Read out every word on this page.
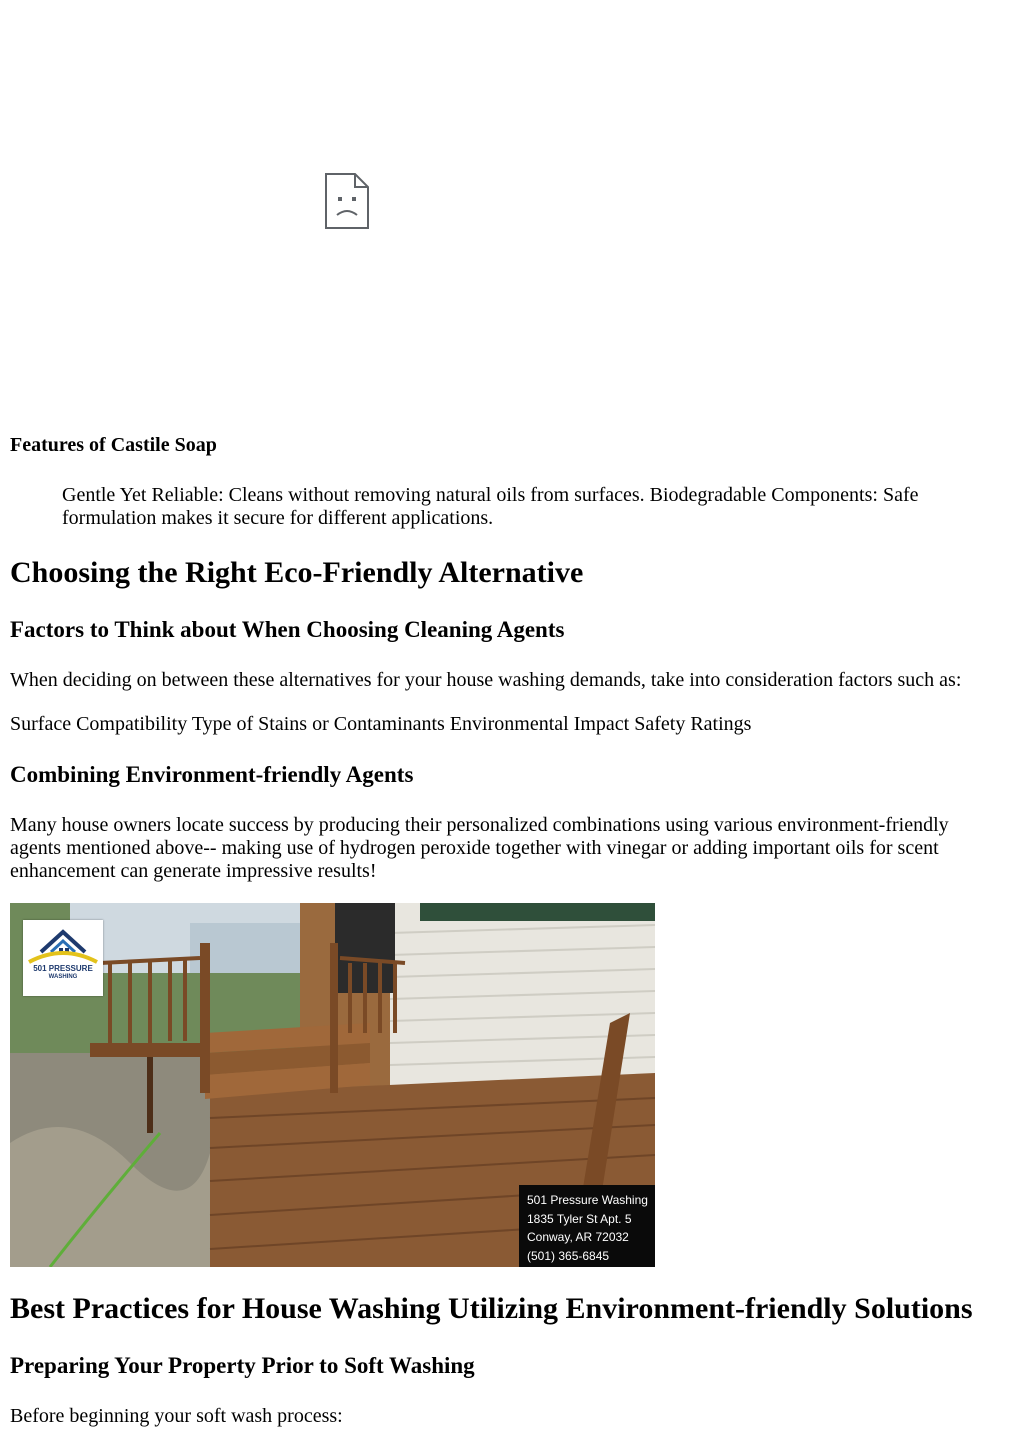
Features of Castile Soap

Gentle Yet Reliable: Cleans without removing natural oils from surfaces. Biodegradable Components: Safe formulation makes it secure for different applications.

Choosing the Right Eco-Friendly Alternative
Factors to Think about When Choosing Cleaning Agents

When deciding on between these alternatives for your house washing demands, take into consideration factors such as:

Surface Compatibility Type of Stains or Contaminants Environmental Impact Safety Ratings

Combining Environment-friendly Agents

Many house owners locate success by producing their personalized combinations using various environment-friendly agents mentioned above-- making use of hydrogen peroxide together with vinegar or adding important oils for scent enhancement can generate impressive results!

501 PRESSURE
WASHING
501 Pressure Washing
1835 Tyler St Apt. 5
Conway, AR 72032
(501) 365-6845
Best Practices for House Washing Utilizing Environment-friendly Solutions
Preparing Your Property Prior to Soft Washing

Before beginning your soft wash process:
